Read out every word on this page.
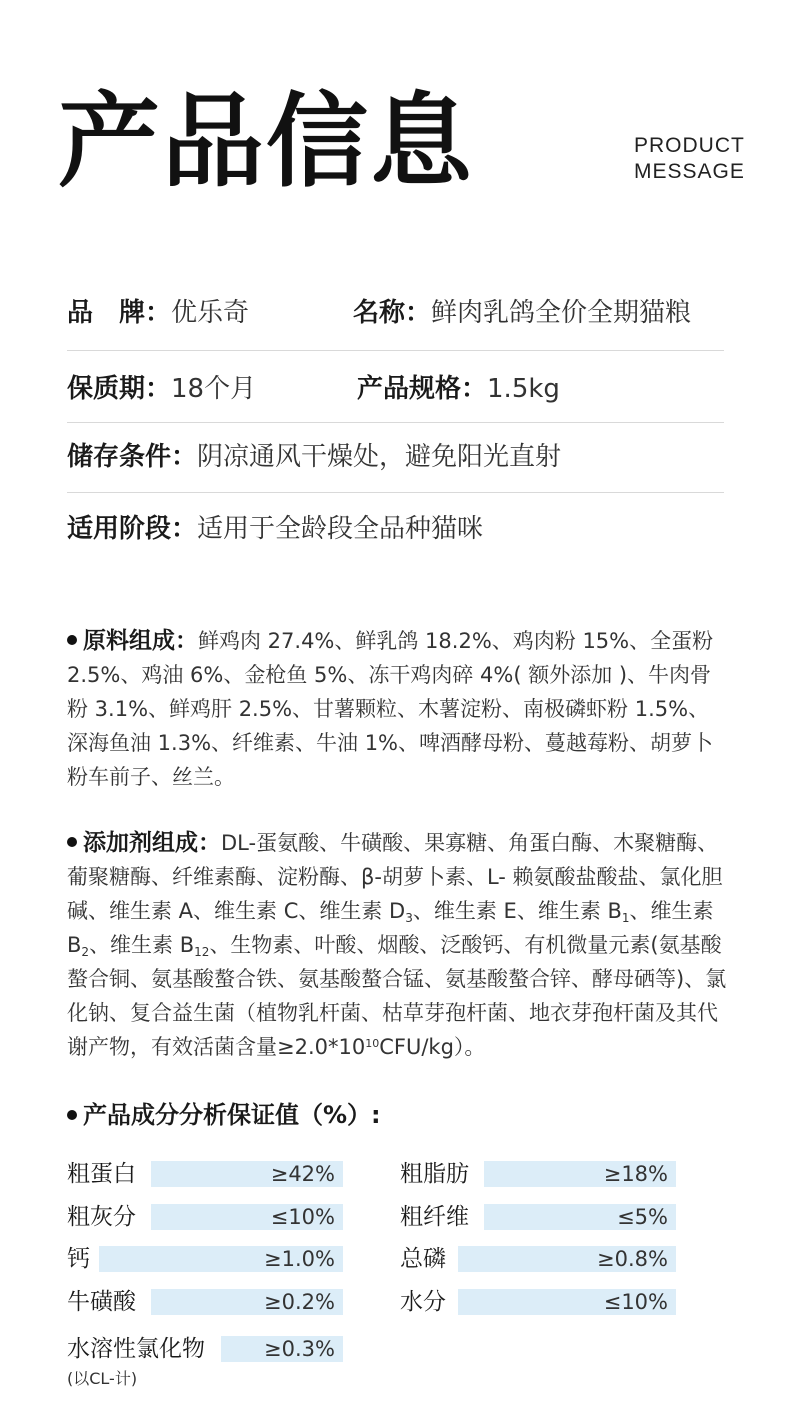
产品信息	PRODUCT
MESSAGE
品　牌：优乐奇	名称：鲜肉乳鸽全价全期猫粮
保质期：18个月	产品规格：1.5kg
储存条件：阴凉通风干燥处，避免阳光直射
适用阶段：适用于全龄段全品种猫咪
原料组成：鲜鸡肉 27.4%、鲜乳鸽 18.2%、鸡肉粉 15%、全蛋粉 2.5%、鸡油 6%、金枪鱼 5%、冻干鸡肉碎 4%( 额外添加 )、牛肉骨粉 3.1%、鲜鸡肝 2.5%、甘薯颗粒、木薯淀粉、南极磷虾粉 1.5%、深海鱼油 1.3%、纤维素、牛油 1%、啤酒酵母粉、蔓越莓粉、胡萝卜粉车前子、丝兰。
添加剂组成：DL-蛋氨酸、牛磺酸、果寡糖、角蛋白酶、木聚糖酶、葡聚糖酶、纤维素酶、淀粉酶、β-胡萝卜素、L- 赖氨酸盐酸盐、氯化胆碱、维生素 A、维生素 C、维生素 $D_3$、维生素 E、维生素 $B_1$、维生素 $B_2$、维生素 $B_{12}$、生物素、叶酸、烟酸、泛酸钙、有机微量元素(氨基酸螯合铜、氨基酸螯合铁、氨基酸螯合锰、氨基酸螯合锌、酵母硒等)、氯化钠、复合益生菌（植物乳杆菌、枯草芽孢杆菌、地衣芽孢杆菌及其代谢产物，有效活菌含量$\ge 2.0*10^{10}CFU/kg$）。
产品成分分析保证值（%）:
粗蛋白	≥42%	粗脂肪	≥18%
粗灰分	≤10%	粗纤维	≤5%
钙	≥1.0%	总磷	≥0.8%
牛磺酸	≥0.2%	水分	≤10%
水溶性氯化物	≥0.3%
(以CL-计)
